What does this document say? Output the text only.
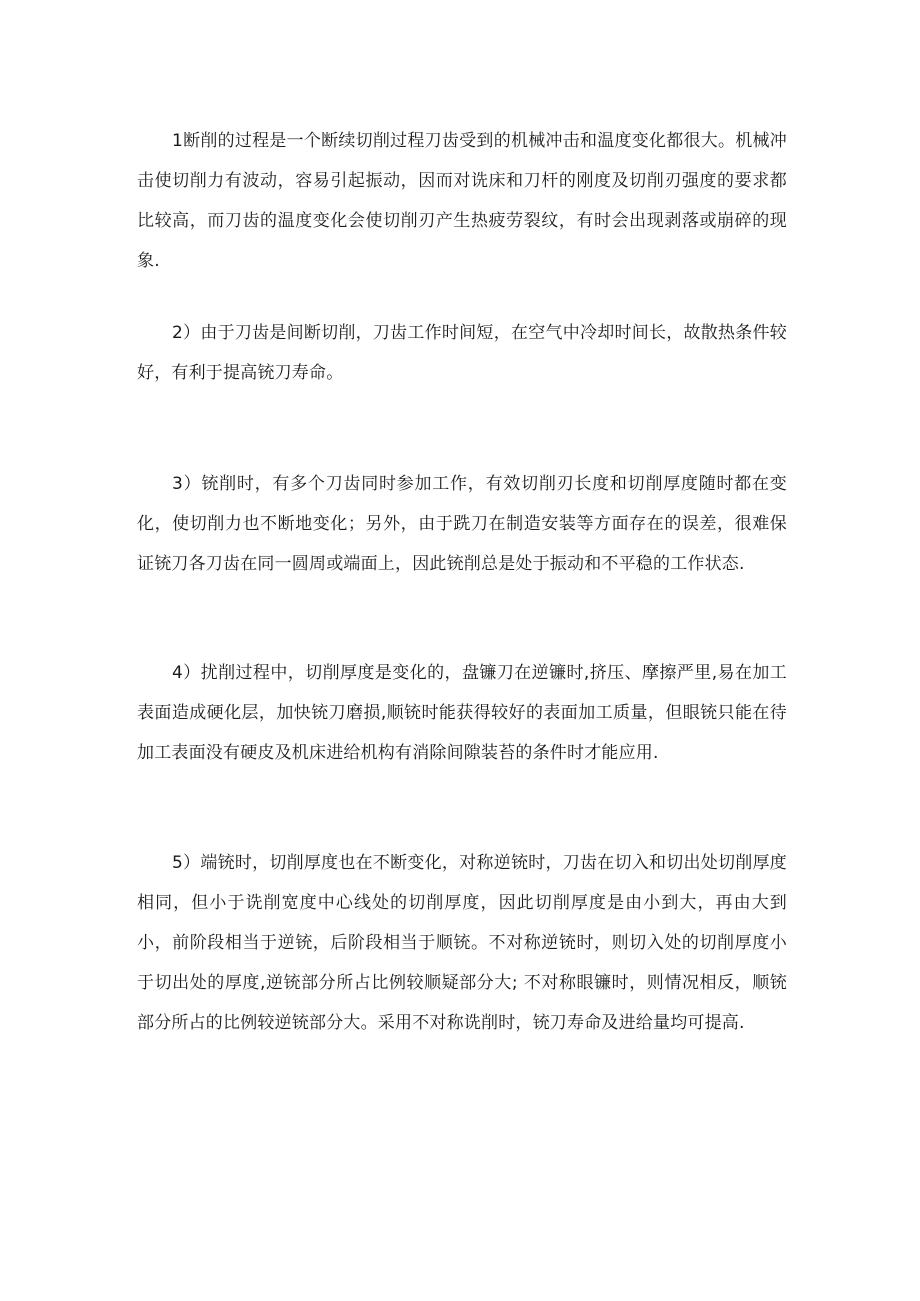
1断削的过程是一个断续切削过程刀齿受到的机械冲击和温度变化都很大。机械冲击使切削力有波动，容易引起振动，因而对诜床和刀杆的刚度及切削刃强度的要求都比较高，而刀齿的温度变化会使切削刃产生热疲劳裂纹，有时会出现剥落或崩碎的现象.

2）由于刀齿是间断切削，刀齿工作时间短，在空气中冷却时间长，故散热条件较好，有利于提高铳刀寿命。

3）铳削时，有多个刀齿同时参加工作，有效切削刃长度和切削厚度随时都在变化，使切削力也不断地变化；另外，由于跣刀在制造安装等方面存在的误差，很难保证铳刀各刀齿在同一圆周或端面上，因此铳削总是处于振动和不平稳的工作状态.

4）扰削过程中，切削厚度是变化的，盘镰刀在逆镰时,挤压、摩擦严里,易在加工表面造成硬化层，加快铳刀磨损,顺铳时能获得较好的表面加工质量，但眼铳只能在待加工表面没有硬皮及机床进给机构有消除间隙装苔的条件时才能应用.

5）端铳时，切削厚度也在不断变化，对称逆铳时，刀齿在切入和切出处切削厚度相同，但小于诜削宽度中心线处的切削厚度，因此切削厚度是由小到大，再由大到小，前阶段相当于逆铳，后阶段相当于顺铳。不对称逆铳时，则切入处的切削厚度小于切出处的厚度,逆铳部分所占比例较顺疑部分大; 不对称眼镰时，则情况相反，顺铳部分所占的比例较逆铳部分大。采用不对称诜削时，铳刀寿命及进给量均可提高.
